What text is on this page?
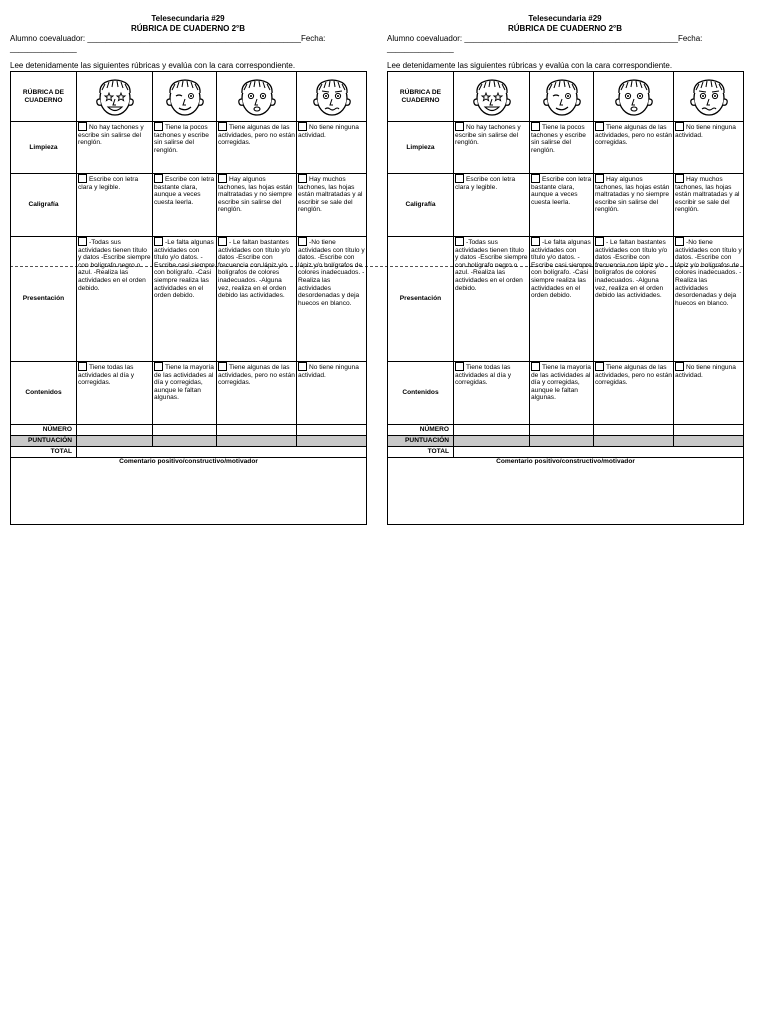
Telesecundaria #29
RÚBRICA DE CUADERNO 2°B
Alumno coevaluador: ________________________________________________Fecha: _______________
Lee detenidamente las siguientes rúbricas y evalúa con la cara correspondiente.
RÚBRICA DE CUADERNO	

Limpieza	No hay tachones y escribe sin salirse del renglón.	Tiene la pocos tachones y escribe sin salirse del renglón.	Tiene algunas de las actividades, pero no están corregidas.	No tiene ninguna actividad.

Caligrafía	Escribe con letra clara y legible.	Escribe con letra bastante clara, aunque a veces cuesta leerla.	Hay algunos tachones, las hojas están maltratadas y no siempre escribe sin salirse del renglón.	Hay muchos tachones, las hojas están maltratadas y al escribir se sale del renglón.

Presentación	-Todas sus actividades tienen título y datos -Escribe siempre con bolígrafo negro o azul. -Realiza las actividades en el orden debido.	-Le falta algunas actividades con título y/o datos. -Escribe casi siempre con bolígrafo. -Casi siempre realiza las actividades en el orden debido.	- Le faltan bastantes actividades con título y/o datos -Escribe con frecuencia con lápiz y/o bolígrafos de colores inadecuados. -Alguna vez, realiza en el orden debido las actividades.	-No tiene actividades con título y datos. -Escribe con lápiz y/o bolígrafos de colores inadecuados. -Realiza las actividades desordenadas y deja huecos en blanco.

Contenidos	Tiene todas las actividades al día y corregidas.	Tiene la mayoría de las actividades al día y corregidas, aunque le faltan algunas.	Tiene algunas de las actividades, pero no están corregidas.	No tiene ninguna actividad.

NÚMERO				
PUNTUACIÓN				
TOTAL				
Comentario positivo/constructivo/motivador				
Telesecundaria #29
RÚBRICA DE CUADERNO 2°B
Alumno coevaluador: ________________________________________________Fecha: _______________
Lee detenidamente las siguientes rúbricas y evalúa con la cara correspondiente.
RÚBRICA DE CUADERNO	

Limpieza	No hay tachones y escribe sin salirse del renglón.	Tiene la pocos tachones y escribe sin salirse del renglón.	Tiene algunas de las actividades, pero no están corregidas.	No tiene ninguna actividad.

Caligrafía	Escribe con letra clara y legible.	Escribe con letra bastante clara, aunque a veces cuesta leerla.	Hay algunos tachones, las hojas están maltratadas y no siempre escribe sin salirse del renglón.	Hay muchos tachones, las hojas están maltratadas y al escribir se sale del renglón.

Presentación	-Todas sus actividades tienen título y datos -Escribe siempre con bolígrafo negro o azul. -Realiza las actividades en el orden debido.	-Le falta algunas actividades con título y/o datos. -Escribe casi siempre con bolígrafo. -Casi siempre realiza las actividades en el orden debido.	- Le faltan bastantes actividades con título y/o datos -Escribe con frecuencia con lápiz y/o bolígrafos de colores inadecuados. -Alguna vez, realiza en el orden debido las actividades.	-No tiene actividades con título y datos. -Escribe con lápiz y/o bolígrafos de colores inadecuados. -Realiza las actividades desordenadas y deja huecos en blanco.

Contenidos	Tiene todas las actividades al día y corregidas.	Tiene la mayoría de las actividades al día y corregidas, aunque le faltan algunas.	Tiene algunas de las actividades, pero no están corregidas.	No tiene ninguna actividad.

NÚMERO				
PUNTUACIÓN				
TOTAL				
Comentario positivo/constructivo/motivador				
